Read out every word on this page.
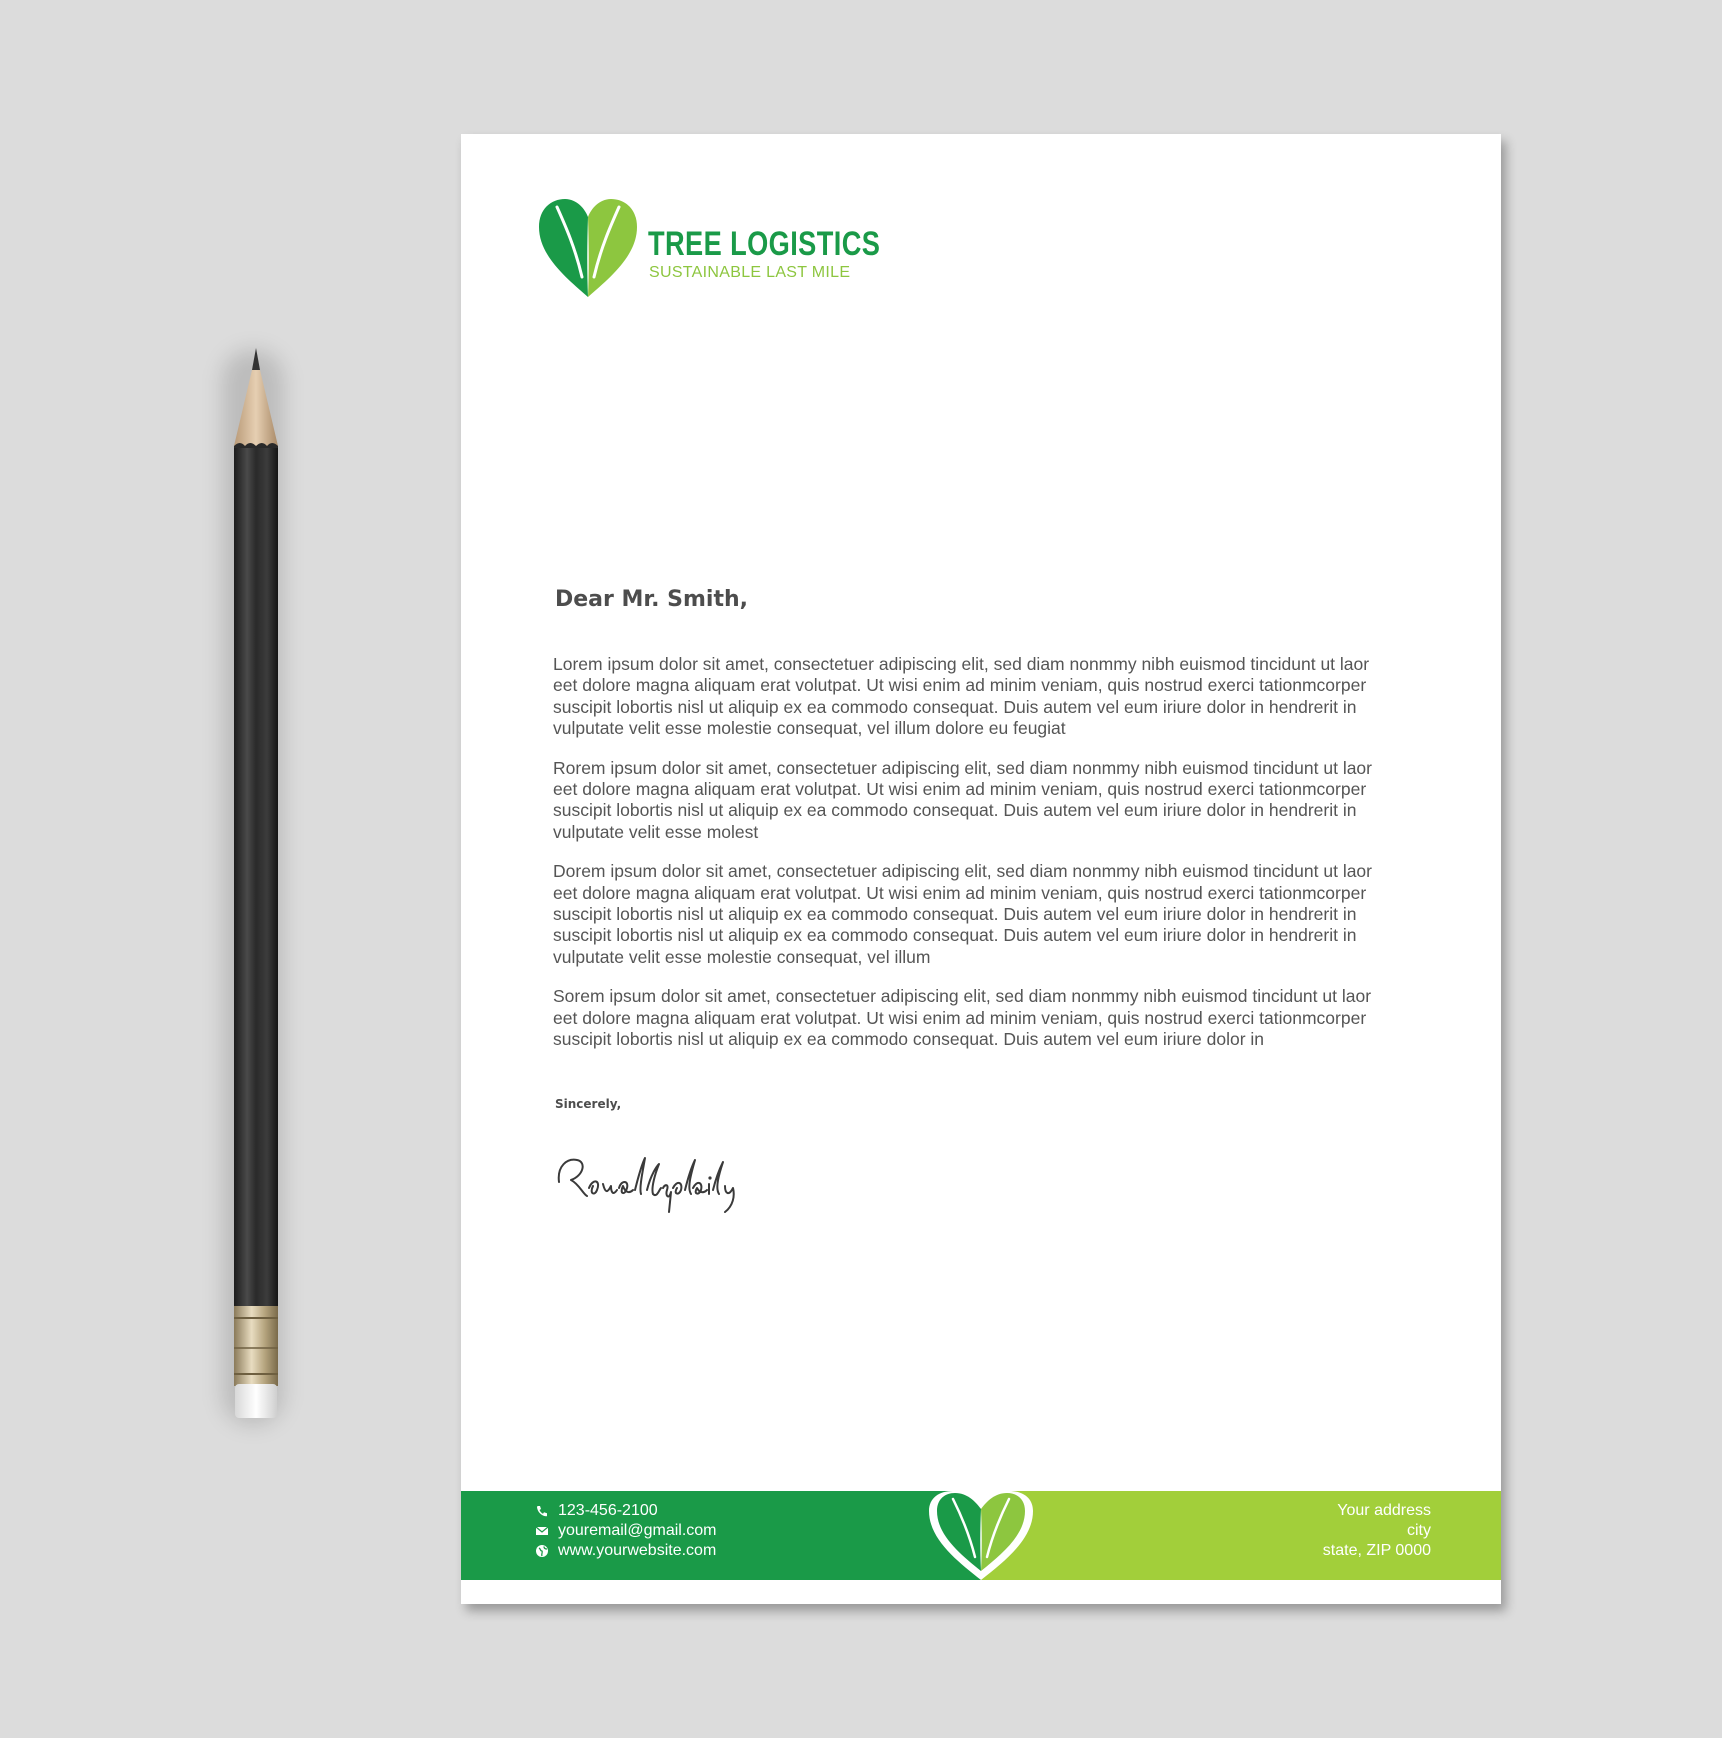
TREE LOGISTICS
SUSTAINABLE LAST MILE
Dear Mr. Smith,

Lorem ipsum dolor sit amet, consectetuer adipiscing elit, sed diam nonmmy nibh euismod tincidunt ut laor
eet dolore magna aliquam erat volutpat. Ut wisi enim ad minim veniam, quis nostrud exerci tationmcorper
suscipit lobortis nisl ut aliquip ex ea commodo consequat. Duis autem vel eum iriure dolor in hendrerit in
vulputate velit esse molestie consequat, vel illum dolore eu feugiat

Rorem ipsum dolor sit amet, consectetuer adipiscing elit, sed diam nonmmy nibh euismod tincidunt ut laor
eet dolore magna aliquam erat volutpat. Ut wisi enim ad minim veniam, quis nostrud exerci tationmcorper
suscipit lobortis nisl ut aliquip ex ea commodo consequat. Duis autem vel eum iriure dolor in hendrerit in
vulputate velit esse molest

Dorem ipsum dolor sit amet, consectetuer adipiscing elit, sed diam nonmmy nibh euismod tincidunt ut laor
eet dolore magna aliquam erat volutpat. Ut wisi enim ad minim veniam, quis nostrud exerci tationmcorper
suscipit lobortis nisl ut aliquip ex ea commodo consequat. Duis autem vel eum iriure dolor in hendrerit in
suscipit lobortis nisl ut aliquip ex ea commodo consequat. Duis autem vel eum iriure dolor in hendrerit in
vulputate velit esse molestie consequat, vel illum

Sorem ipsum dolor sit amet, consectetuer adipiscing elit, sed diam nonmmy nibh euismod tincidunt ut laor
eet dolore magna aliquam erat volutpat. Ut wisi enim ad minim veniam, quis nostrud exerci tationmcorper
suscipit lobortis nisl ut aliquip ex ea commodo consequat. Duis autem vel eum iriure dolor in

Sincerely,
123-456-2100
youremail@gmail.com
www.yourwebsite.com
Your address
city
state, ZIP 0000
